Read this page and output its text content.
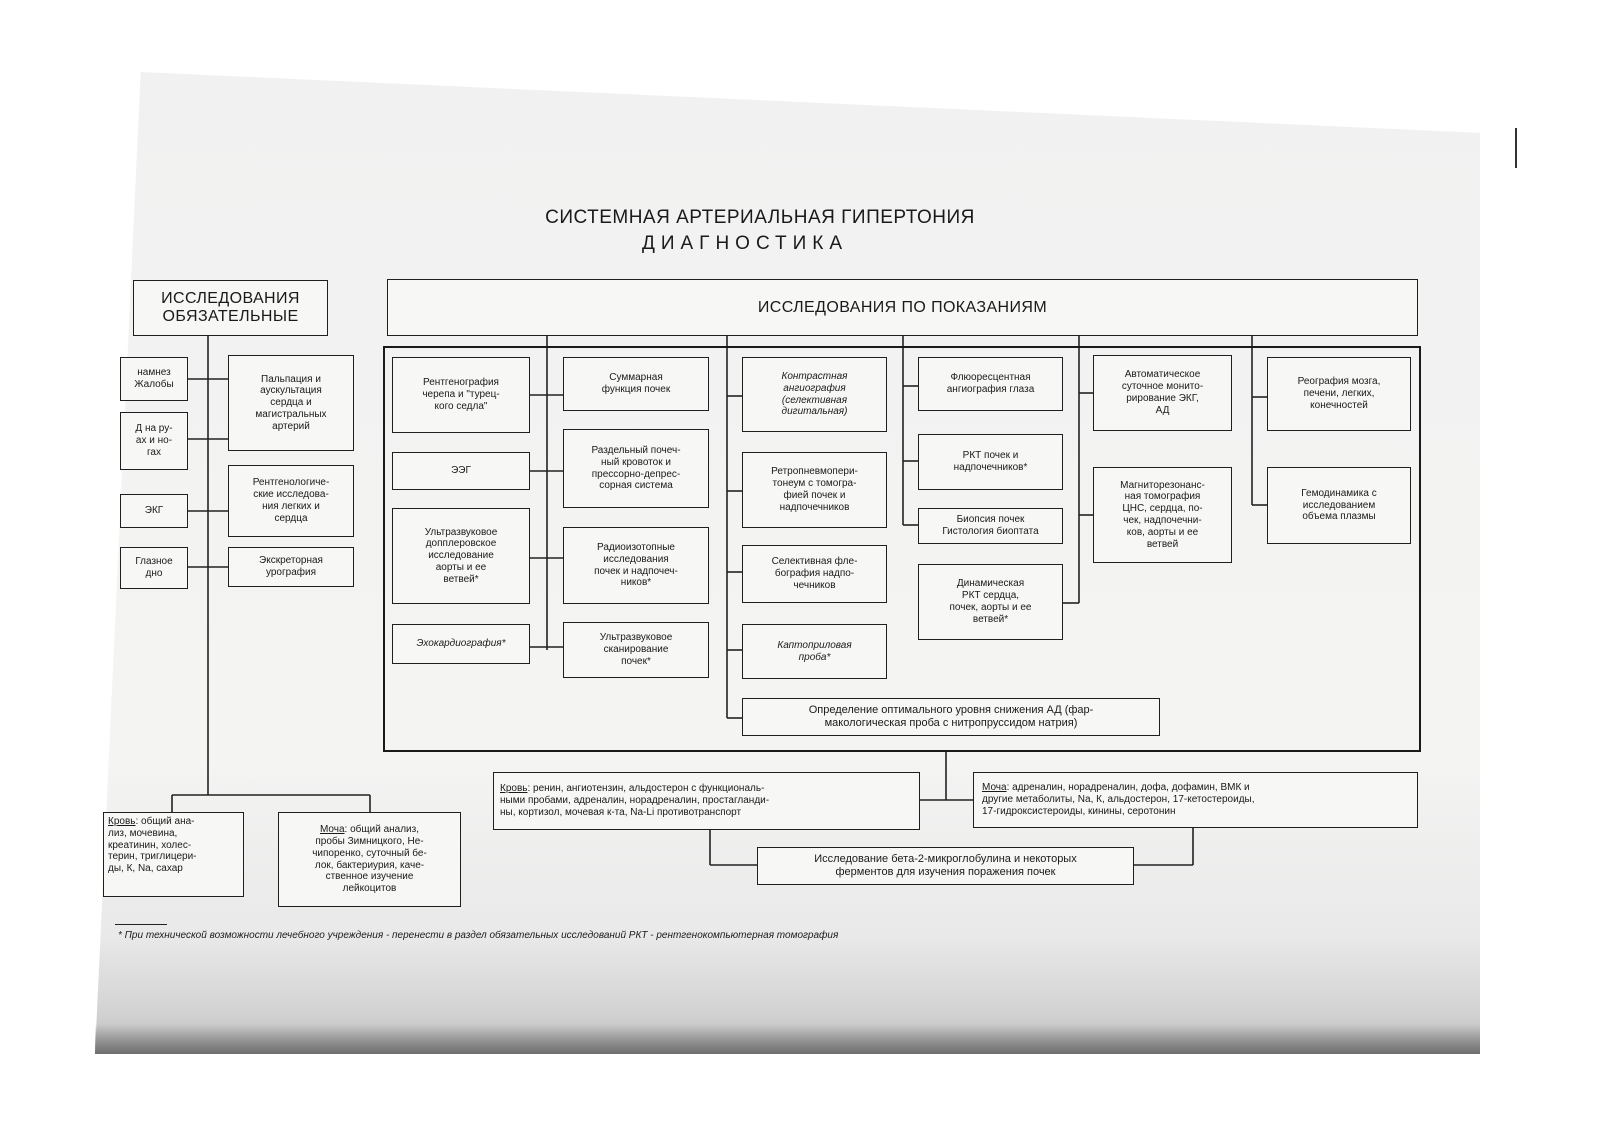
СИСТЕМНАЯ АРТЕРИАЛЬНАЯ ГИПЕРТОНИЯ
ДИАГНОСТИКА
ИССЛЕДОВАНИЯ
ОБЯЗАТЕЛЬНЫЕ
намнез
Жалобы
Д на ру-
ах и но-
гах
ЭКГ
Глазное
дно
Пальпация и
аускультация
сердца и
магистральных
артерий
Рентгенологиче-
ские исследова-
ния легких и
сердца
Экскреторная
урография
Кровь: общий ана-
лиз, мочевина,
креатинин, холес-
терин, триглицери-
ды, К, Na, сахар
Моча: общий анализ,
пробы Зимницкого, Не-
чипоренко, суточный бе-
лок, бактериурия, каче-
ственное изучение
лейкоцитов
ИССЛЕДОВАНИЯ ПО ПОКАЗАНИЯМ
Рентгенография
черепа и "турец-
кого седла"
ЭЭГ
Ультразвуковое
допплеровское
исследование
аорты и ее
ветвей*
Эхокардиография*
Суммарная
функция почек
Раздельный почеч-
ный кровоток и
прессорно-депрес-
сорная система
Радиоизотопные
исследования
почек и надпочеч-
ников*
Ультразвуковое
сканирование
почек*
Контрастная
ангиография
(селективная
дигитальная)
Ретропневмопери-
тонеум с томогра-
фией почек и
надпочечников
Селективная фле-
бография надпо-
чечников
Каптоприловая
проба*
Определение оптимального уровня снижения АД (фар-
макологическая проба с нитропруссидом натрия)
Флюоресцентная
ангиография глаза
РКТ почек и
надпочечников*
Биопсия почек
Гистология биоптата
Динамическая
РКТ сердца,
почек, аорты и ее
ветвей*
Автоматическое
суточное монито-
рирование ЭКГ,
АД
Магниторезонанс-
ная томография
ЦНС, сердца, по-
чек, надпочечни-
ков, аорты и ее
ветвей
Реография мозга,
печени, легких,
конечностей
Гемодинамика с
исследованием
объема плазмы
Кровь: ренин, ангиотензин, альдостерон с функциональ-
ными пробами, адреналин, норадреналин, простагланди-
ны, кортизол, мочевая к-та, Na-Li противотранспорт
Моча: адреналин, норадреналин, дофа, дофамин, ВМК и
другие метаболиты, Na, К, альдостерон, 17-кетостероиды,
17-гидроксистероиды, кинины, серотонин
Исследование бета-2-микроглобулина и некоторых
ферментов для изучения поражения почек
* При технической возможности лечебного учреждения - перенести в раздел обязательных исследований РКТ - рентгенокомпьютерная томография
